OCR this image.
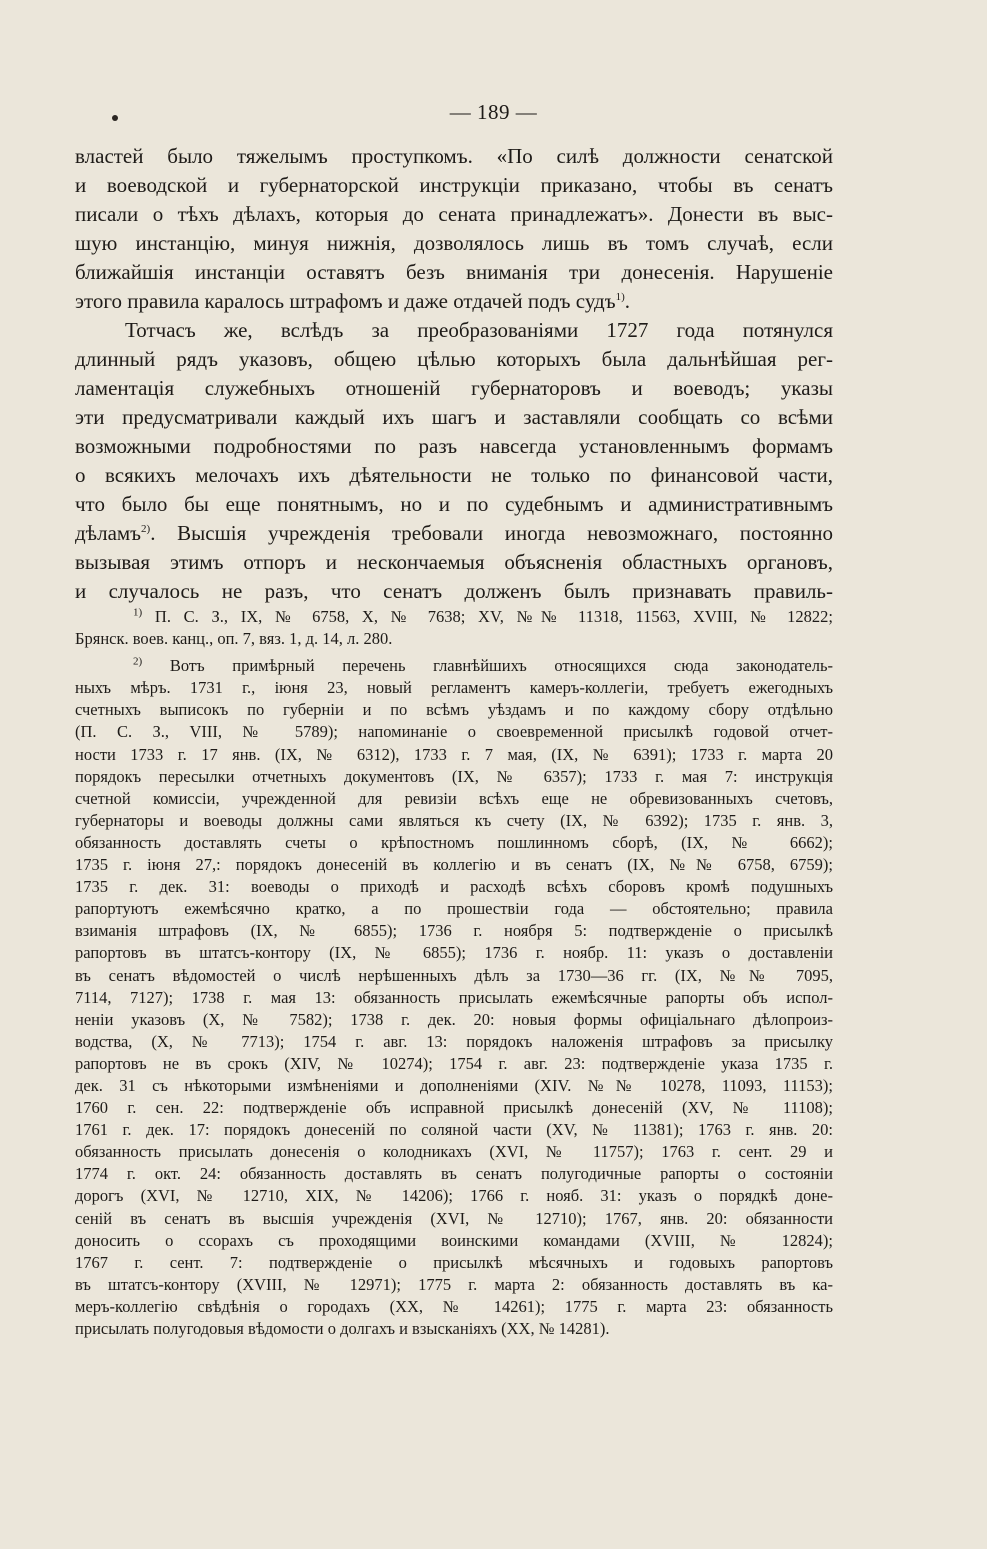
— 189 —
властей было тяжелымъ проступкомъ. «По силѣ должности сенатской
и воеводской и губернаторской инструкціи приказано, чтобы въ сенатъ
писали о тѣхъ дѣлахъ, которыя до сената принадлежатъ». Донести въ выс-
шую инстанцію, минуя нижнія, дозволялось лишь въ томъ случаѣ, если
ближайшія инстанціи оставятъ безъ вниманія три донесенія. Нарушеніе
этого правила каралось штрафомъ и даже отдачей подъ судъ$^{1)}$.
Тотчасъ же, вслѣдъ за преобразованіями 1727 года потянулся
длинный рядъ указовъ, общею цѣлью которыхъ была дальнѣйшая рег-
ламентація служебныхъ отношеній губернаторовъ и воеводъ; указы
эти предусматривали каждый ихъ шагъ и заставляли сообщать со всѣми
возможными подробностями по разъ навсегда установленнымъ формамъ
о всякихъ мелочахъ ихъ дѣятельности не только по финансовой части,
что было бы еще понятнымъ, но и по судебнымъ и административнымъ
дѣламъ$^{2)}$. Высшія учрежденія требовали иногда невозможнаго, постоянно
вызывая этимъ отпоръ и нескончаемыя объясненія областныхъ органовъ,
и случалось не разъ, что сенатъ долженъ былъ признавать правиль-
$^{1)}$ П. С. З., IX, № 6758, X, № 7638; XV, №№ 11318, 11563, XVIII, № 12822;
Брянск. воев. канц., оп. 7, вяз. 1, д. 14, л. 280.
$^{2)}$ Вотъ примѣрный перечень главнѣйшихъ относящихся сюда законодатель-
ныхъ мѣръ. 1731 г., іюня 23, новый регламентъ камеръ-коллегіи, требуетъ ежегодныхъ
счетныхъ выписокъ по губерніи и по всѣмъ уѣздамъ и по каждому сбору отдѣльно
(П. С. З., VIII, № 5789); напоминаніе о своевременной присылкѣ годовой отчет-
ности 1733 г. 17 янв. (IX, № 6312), 1733 г. 7 мая, (IX, № 6391); 1733 г. марта 20
порядокъ пересылки отчетныхъ документовъ (IX, № 6357); 1733 г. мая 7: инструкція
счетной комиссіи, учрежденной для ревизіи всѣхъ еще не обревизованныхъ счетовъ,
губернаторы и воеводы должны сами являться къ счету (IX, № 6392); 1735 г. янв. 3,
обязанность доставлять счеты о крѣпостномъ пошлинномъ сборѣ, (IX, № 6662);
1735 г. іюня 27,: порядокъ донесеній въ коллегію и въ сенатъ (IX, №№ 6758, 6759);
1735 г. дек. 31: воеводы о приходѣ и расходѣ всѣхъ сборовъ кромѣ подушныхъ
рапортуютъ ежемѣсячно кратко, а по прошествіи года — обстоятельно; правила
взиманія штрафовъ (IX, № 6855); 1736 г. ноября 5: подтвержденіе о присылкѣ
рапортовъ въ штатсъ-контору (IX, № 6855); 1736 г. ноябр. 11: указъ о доставленіи
въ сенатъ вѣдомостей о числѣ нерѣшенныхъ дѣлъ за 1730—36 гг. (IX, №№ 7095,
7114, 7127); 1738 г. мая 13: обязанность присылать ежемѣсячные рапорты объ испол-
неніи указовъ (X, № 7582); 1738 г. дек. 20: новыя формы офиціальнаго дѣлопроиз-
водства, (X, № 7713); 1754 г. авг. 13: порядокъ наложенія штрафовъ за присылку
рапортовъ не въ срокъ (XIV, № 10274); 1754 г. авг. 23: подтвержденіе указа 1735 г.
дек. 31 съ нѣкоторыми измѣненіями и дополненіями (XIV. №№ 10278, 11093, 11153);
1760 г. сен. 22: подтвержденіе объ исправной присылкѣ донесеній (XV, № 11108);
1761 г. дек. 17: порядокъ донесеній по соляной части (XV, № 11381); 1763 г. янв. 20:
обязанность присылать донесенія о колодникахъ (XVI, № 11757); 1763 г. сент. 29 и
1774 г. окт. 24: обязанность доставлять въ сенатъ полугодичные рапорты о состояніи
дорогъ (XVI, № 12710, XIX, № 14206); 1766 г. нояб. 31: указъ о порядкѣ доне-
сеній въ сенатъ въ высшія учрежденія (XVI, № 12710); 1767, янв. 20: обязанности
доносить о ссорахъ съ проходящими воинскими командами (XVIII, № 12824);
1767 г. сент. 7: подтвержденіе о присылкѣ мѣсячныхъ и годовыхъ рапортовъ
въ штатсъ-контору (XVIII, № 12971); 1775 г. марта 2: обязанность доставлять въ ка-
меръ-коллегію свѣдѣнія о городахъ (XX, № 14261); 1775 г. марта 23: обязанность
присылать полугодовыя вѣдомости о долгахъ и взысканіяхъ (XX, № 14281).
